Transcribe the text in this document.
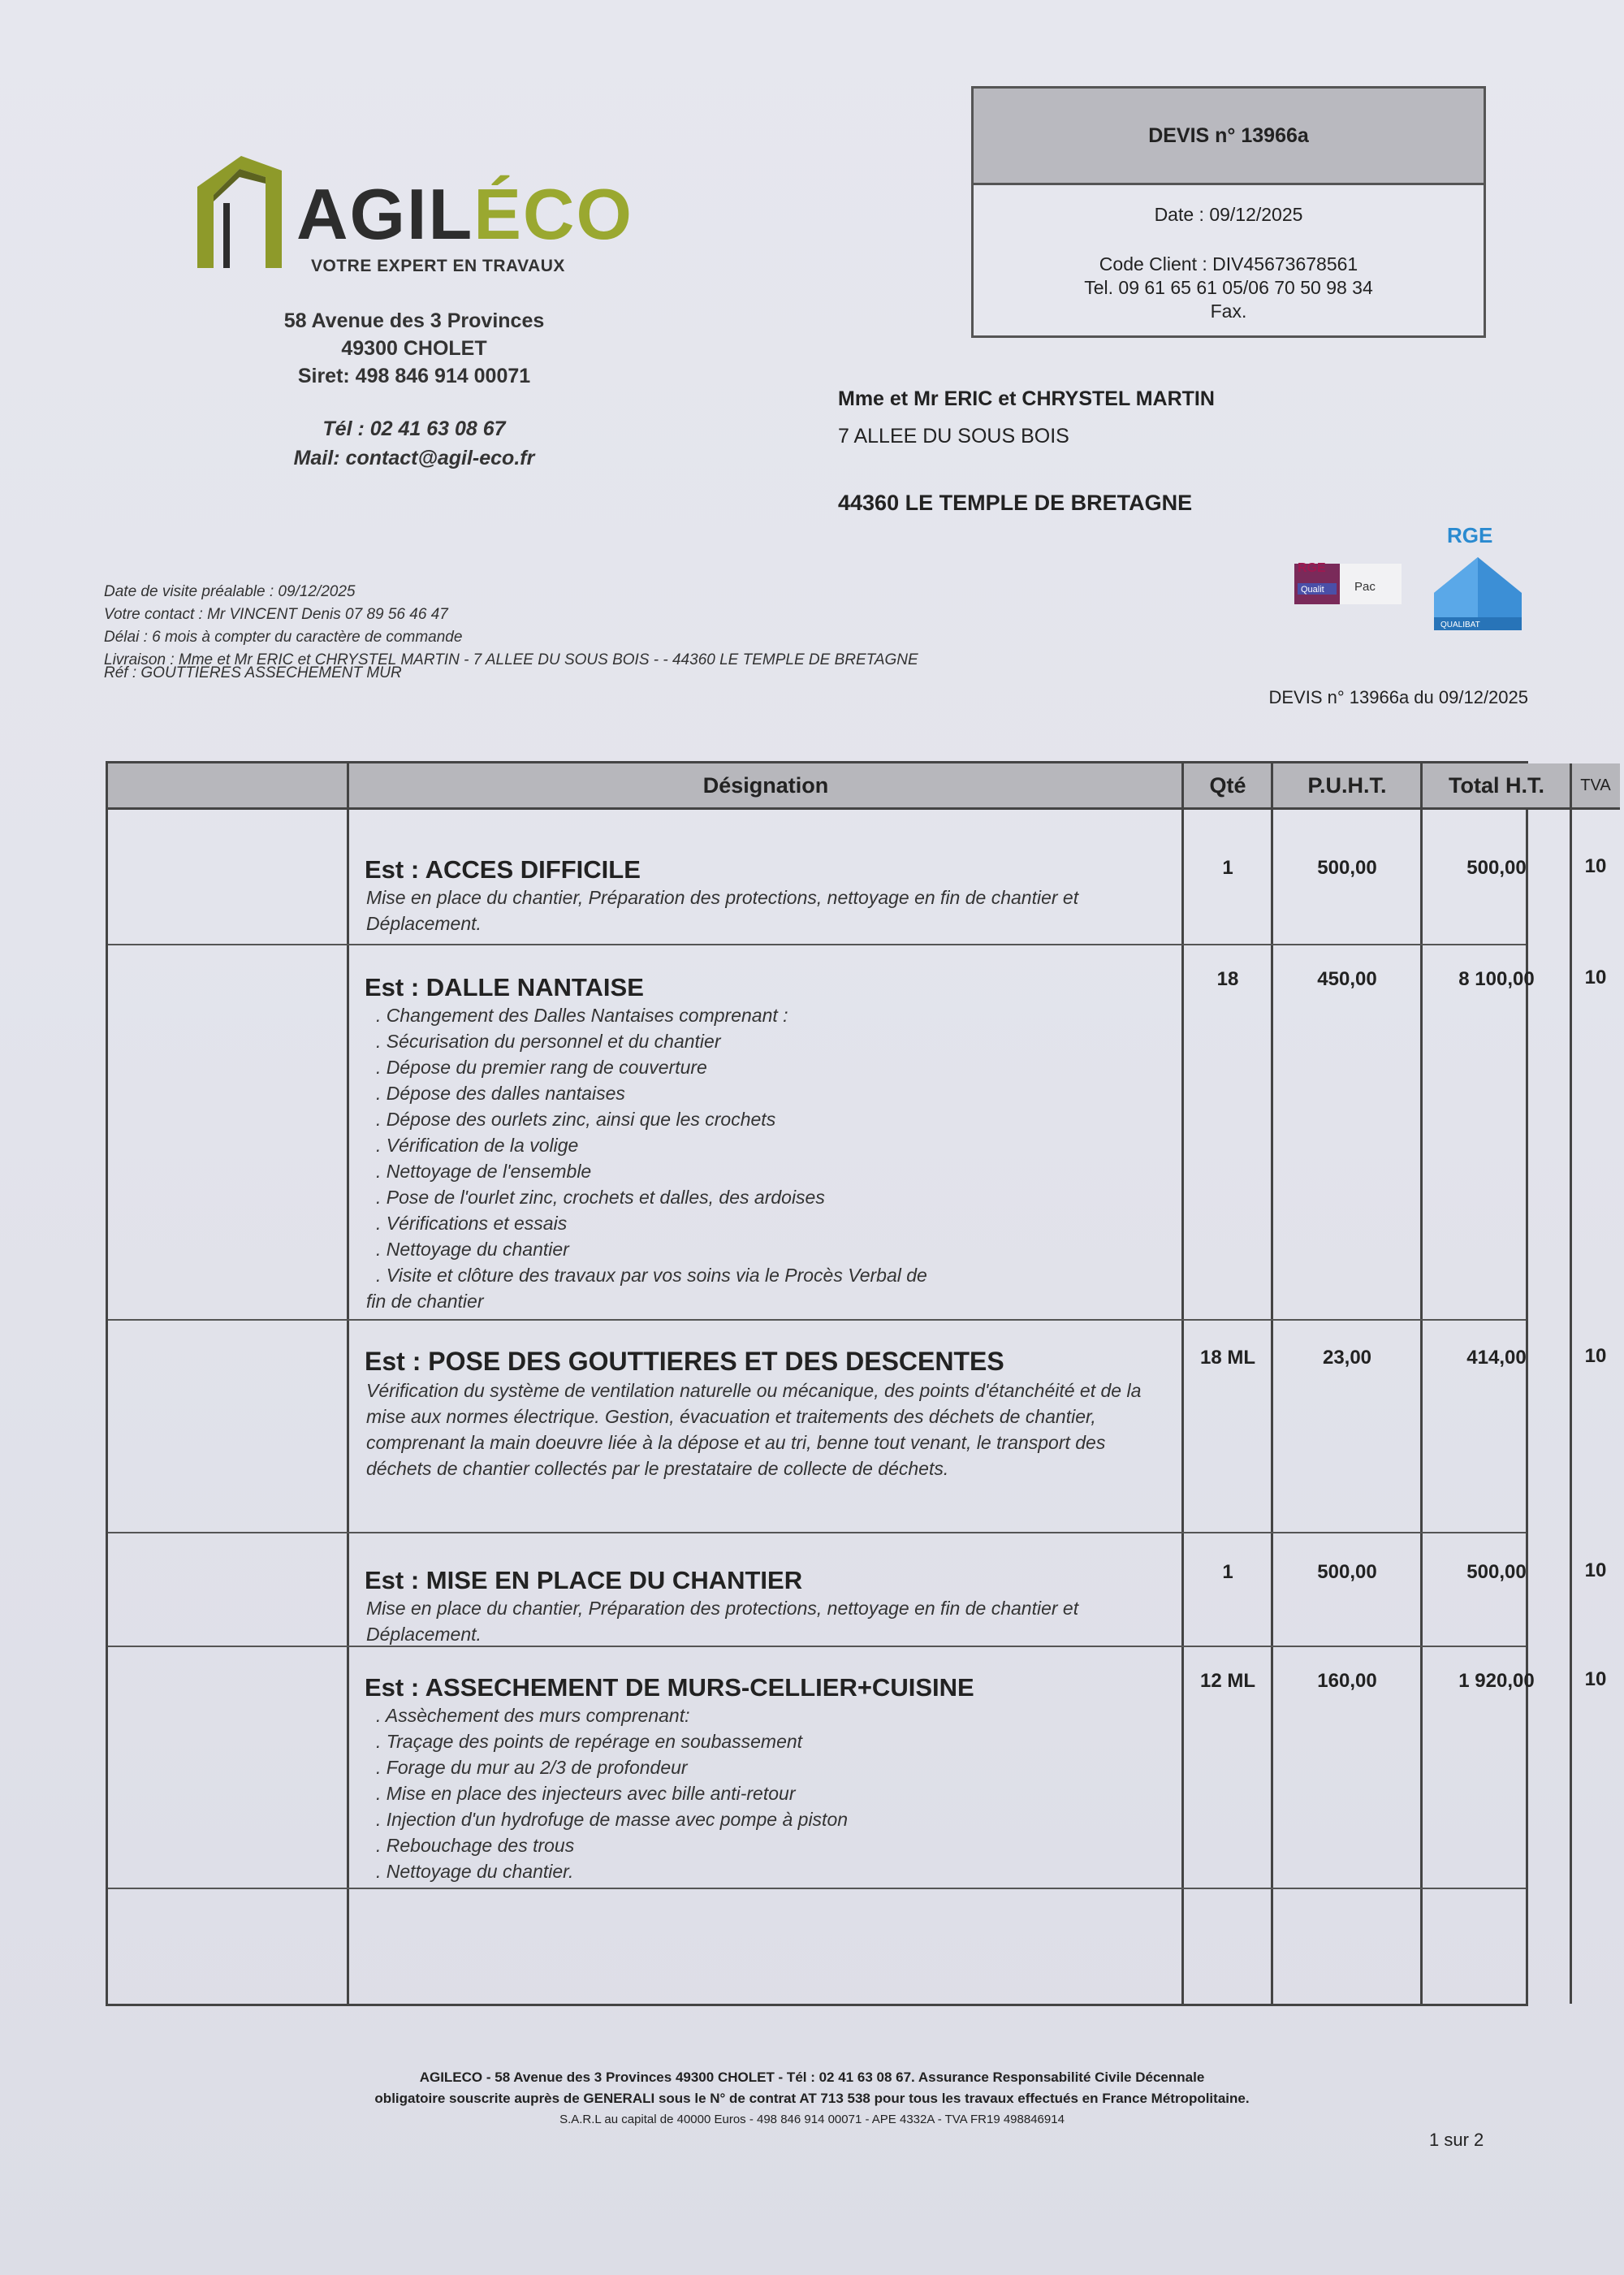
AGILÉCO
VOTRE EXPERT EN TRAVAUX
58 Avenue des 3 Provinces
49300 CHOLET
Siret: 498 846 914 00071
Tél : 02 41 63 08 67
Mail: contact@agil-eco.fr
DEVIS n° 13966a
Date : 09/12/2025
Code Client : DIV45673678561
Tel. 09 61 65 61 05/06 70 50 98 34
Fax.
Mme et Mr ERIC et CHRYSTEL MARTIN
7 ALLEE DU SOUS BOIS
44360 LE TEMPLE DE BRETAGNE
RGE
Qualit Pac
RGE
QUALIBAT
Date de visite préalable : 09/12/2025
Votre contact : Mr VINCENT Denis 07 89 56 46 47
Délai : 6 mois à compter du caractère de commande
Livraison : Mme et Mr ERIC et CHRYSTEL MARTIN - 7 ALLEE DU SOUS BOIS - - 44360 LE TEMPLE DE BRETAGNE
Réf : GOUTTIERES ASSECHEMENT MUR
DEVIS n° 13966a du 09/12/2025
Désignation	Qté	P.U.H.T.	Total H.T.	TVA
Est : ACCES DIFFICILE
Mise en place du chantier, Préparation des protections, nettoyage en fin de chantier et Déplacement.
1	500,00	500,00	10
Est : DALLE NANTAISE
. Changement des Dalles Nantaises comprenant :
. Sécurisation du personnel et du chantier
. Dépose du premier rang de couverture
. Dépose des dalles nantaises
. Dépose des ourlets zinc, ainsi que les crochets
. Vérification de la volige
. Nettoyage de l'ensemble
. Pose de l'ourlet zinc, crochets et dalles, des ardoises
. Vérifications et essais
. Nettoyage du chantier
. Visite et clôture des travaux par vos soins via le Procès Verbal de
fin de chantier
18	450,00	8 100,00	10
Est : POSE DES GOUTTIERES ET DES DESCENTES
Vérification du système de ventilation naturelle ou mécanique, des points d'étanchéité et de la mise aux normes électrique. Gestion, évacuation et traitements des déchets de chantier, comprenant la main doeuvre liée à la dépose et au tri, benne tout venant, le transport des déchets de chantier collectés par le prestataire de collecte de déchets.
18 ML	23,00	414,00	10
Est : MISE EN PLACE DU CHANTIER
Mise en place du chantier, Préparation des protections, nettoyage en fin de chantier et Déplacement.
1	500,00	500,00	10
Est : ASSECHEMENT DE MURS-CELLIER+CUISINE
. Assèchement des murs comprenant:
. Traçage des points de repérage en soubassement
. Forage du mur au 2/3 de profondeur
. Mise en place des injecteurs avec bille anti-retour
. Injection d'un hydrofuge de masse avec pompe à piston
. Rebouchage des trous
. Nettoyage du chantier.
12 ML	160,00	1 920,00	10
AGILECO - 58 Avenue des 3 Provinces 49300 CHOLET - Tél : 02 41 63 08 67. Assurance Responsabilité Civile Décennale
obligatoire souscrite auprès de GENERALI sous le N° de contrat AT 713 538 pour tous les travaux effectués en France Métropolitaine.
S.A.R.L au capital de 40000 Euros - 498 846 914 00071 - APE 4332A - TVA FR19 498846914
1 sur 2
